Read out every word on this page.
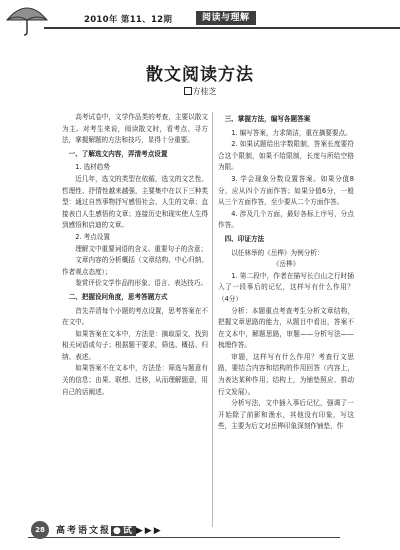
2010年 第11、12期	阅读与理解
散文阅读方法
方桂芝

高考试卷中，文学作品类的考查，主要以散文为主。对考生来说，阅读散文时，看考点、寻方法，掌握解题的方法和技巧，显得十分重要。

一、了解选文内容，弄清考点设置

1. 选材趋势

近几年，选文的类型在依循，选文的文艺性、哲理性、抒情性越来越强，主要集中在以下三种类型：通过自然事物抒写感悟社会、人生的文章；直接表白人生感悟的文章；连接历史和现实使人生得到感悟和启迪的文章。

2. 考点设置

理解文中重要词语的含义、重要句子的含意；

文章内容的分析概括（文章结构、中心归纳、作者观点态度）；

鉴赏评价文学作品的形象、语言、表达技巧。

二、把握设问角度，思考答题方式

首先弄清每个小题的考点设置，思考答案在不在文中。

如果答案在文本中，方法是：摘取原文，找到相关词语或句子；根据题干要求，筛选、概括、归纳、表述。

如果答案不在文本中，方法是：筛选与题意有关的信息；由果、联想、迁移，从而理解题意，用自己的话阐述。

三、掌握方法，编写各题答案

1. 编写答案，力求简洁，重在摘要要点。

2. 如果试题给出字数限制，答案长度要符合这个限制，如果不给限制，长度与所给空格为限。

3. 学会现象分数设置答案。如果分值8分，应从四个方面作答；如果分值6分，一般从三个方面作答，至少要从二个方面作答。

4. 涉及几个方面，最好各标上序号，分点作答。

四、印证方法

以任林举的《岳桦》为例分析：

《岳桦》

1. 第二段中，作者在描写长白山之行时插入了一段事后的记忆，这样写有什么作用？（4分）

分析：本题重点考查考生分析文章结构，把握文章思路的能力，从题目中看出，答案不在文本中，解题思路，审题——分析写法——梳理作答。

审题，这样写有什么作用？考查行文思路，要结合内容和结构的作用回答（内容上，为表达某种作用；结构上，为铺垫照应、推动行文发展）。

分析写法，文中插入事后记忆，强调了一开始除了前影和渔水，其他没有印象，写这些，主要为后文对岳桦印象深刻作铺垫，作

28	高考语文报 ●试 ▶▶▶
